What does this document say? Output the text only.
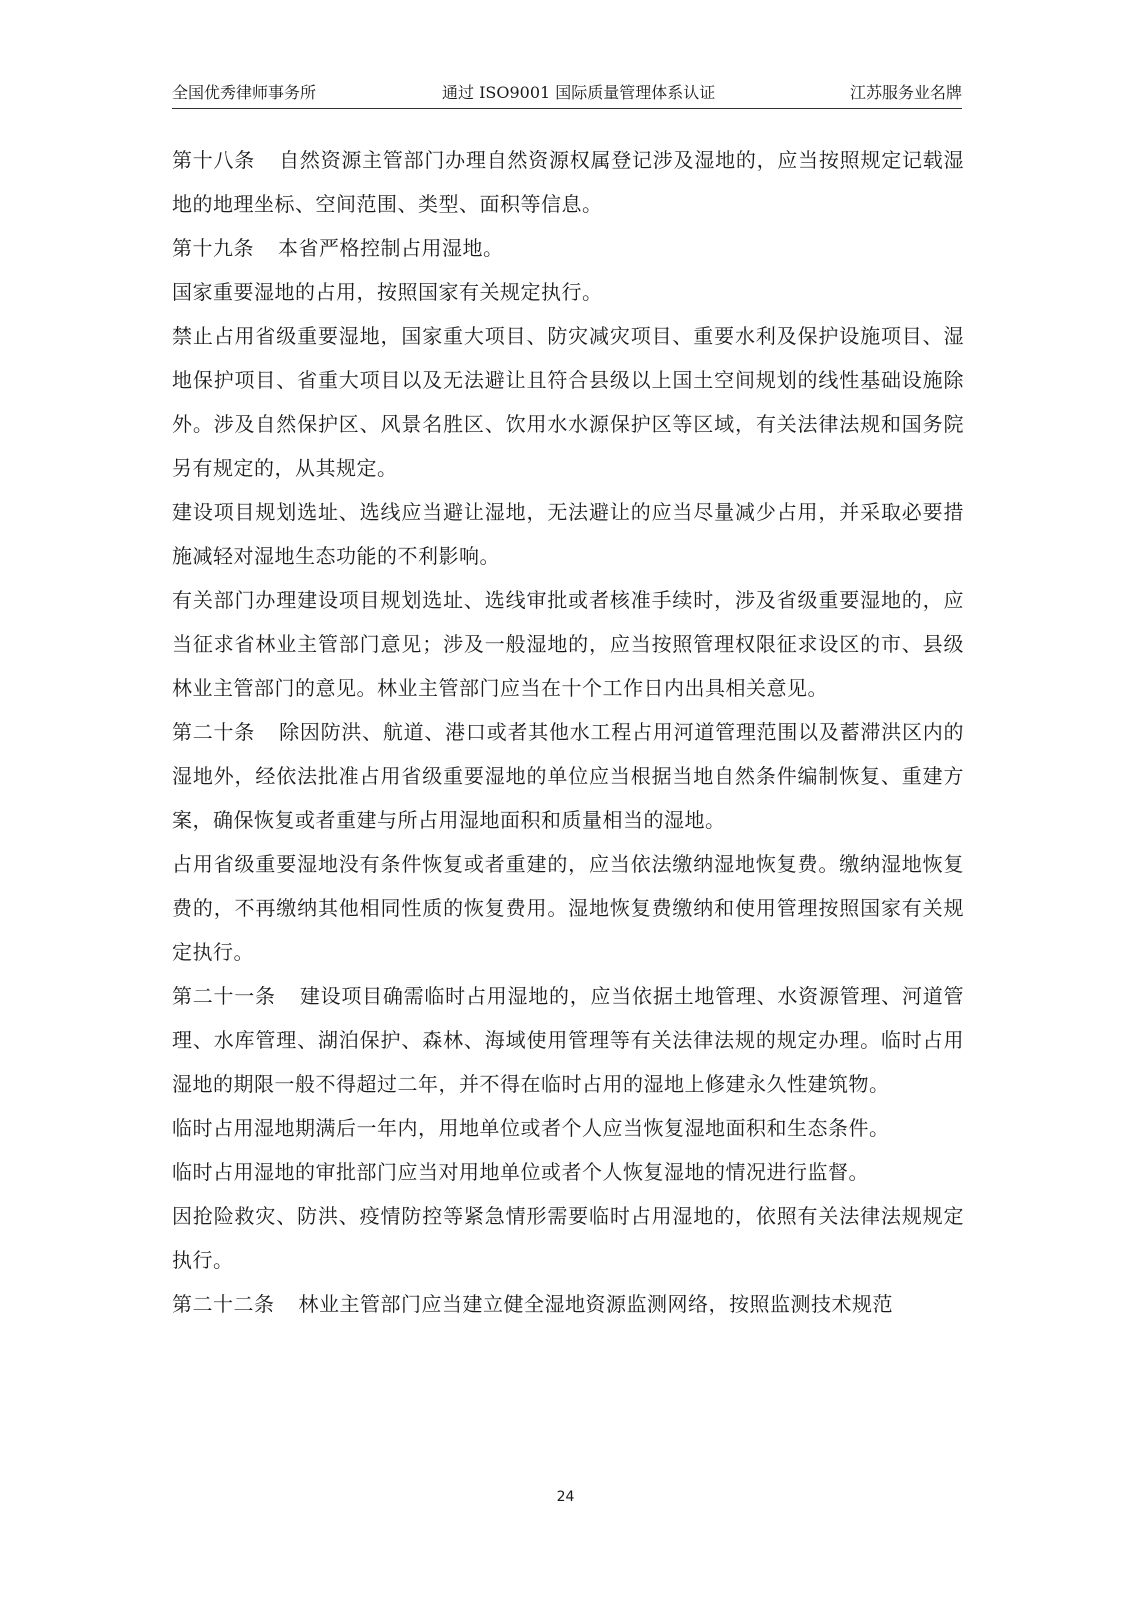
全国优秀律师事务所	通过 ISO9001 国际质量管理体系认证	江苏服务业名牌

第十八条 自然资源主管部门办理自然资源权属登记涉及湿地的，应当按照规定记载湿地的地理坐标、空间范围、类型、面积等信息。

第十九条 本省严格控制占用湿地。

国家重要湿地的占用，按照国家有关规定执行。

禁止占用省级重要湿地，国家重大项目、防灾减灾项目、重要水利及保护设施项目、湿地保护项目、省重大项目以及无法避让且符合县级以上国土空间规划的线性基础设施除外。涉及自然保护区、风景名胜区、饮用水水源保护区等区域，有关法律法规和国务院另有规定的，从其规定。

建设项目规划选址、选线应当避让湿地，无法避让的应当尽量减少占用，并采取必要措施减轻对湿地生态功能的不利影响。

有关部门办理建设项目规划选址、选线审批或者核准手续时，涉及省级重要湿地的，应当征求省林业主管部门意见；涉及一般湿地的，应当按照管理权限征求设区的市、县级林业主管部门的意见。林业主管部门应当在十个工作日内出具相关意见。

第二十条 除因防洪、航道、港口或者其他水工程占用河道管理范围以及蓄滞洪区内的湿地外，经依法批准占用省级重要湿地的单位应当根据当地自然条件编制恢复、重建方案，确保恢复或者重建与所占用湿地面积和质量相当的湿地。

占用省级重要湿地没有条件恢复或者重建的，应当依法缴纳湿地恢复费。缴纳湿地恢复费的，不再缴纳其他相同性质的恢复费用。湿地恢复费缴纳和使用管理按照国家有关规定执行。

第二十一条 建设项目确需临时占用湿地的，应当依据土地管理、水资源管理、河道管理、水库管理、湖泊保护、森林、海域使用管理等有关法律法规的规定办理。临时占用湿地的期限一般不得超过二年，并不得在临时占用的湿地上修建永久性建筑物。

临时占用湿地期满后一年内，用地单位或者个人应当恢复湿地面积和生态条件。

临时占用湿地的审批部门应当对用地单位或者个人恢复湿地的情况进行监督。

因抢险救灾、防洪、疫情防控等紧急情形需要临时占用湿地的，依照有关法律法规规定执行。

第二十二条 林业主管部门应当建立健全湿地资源监测网络，按照监测技术规范

24
